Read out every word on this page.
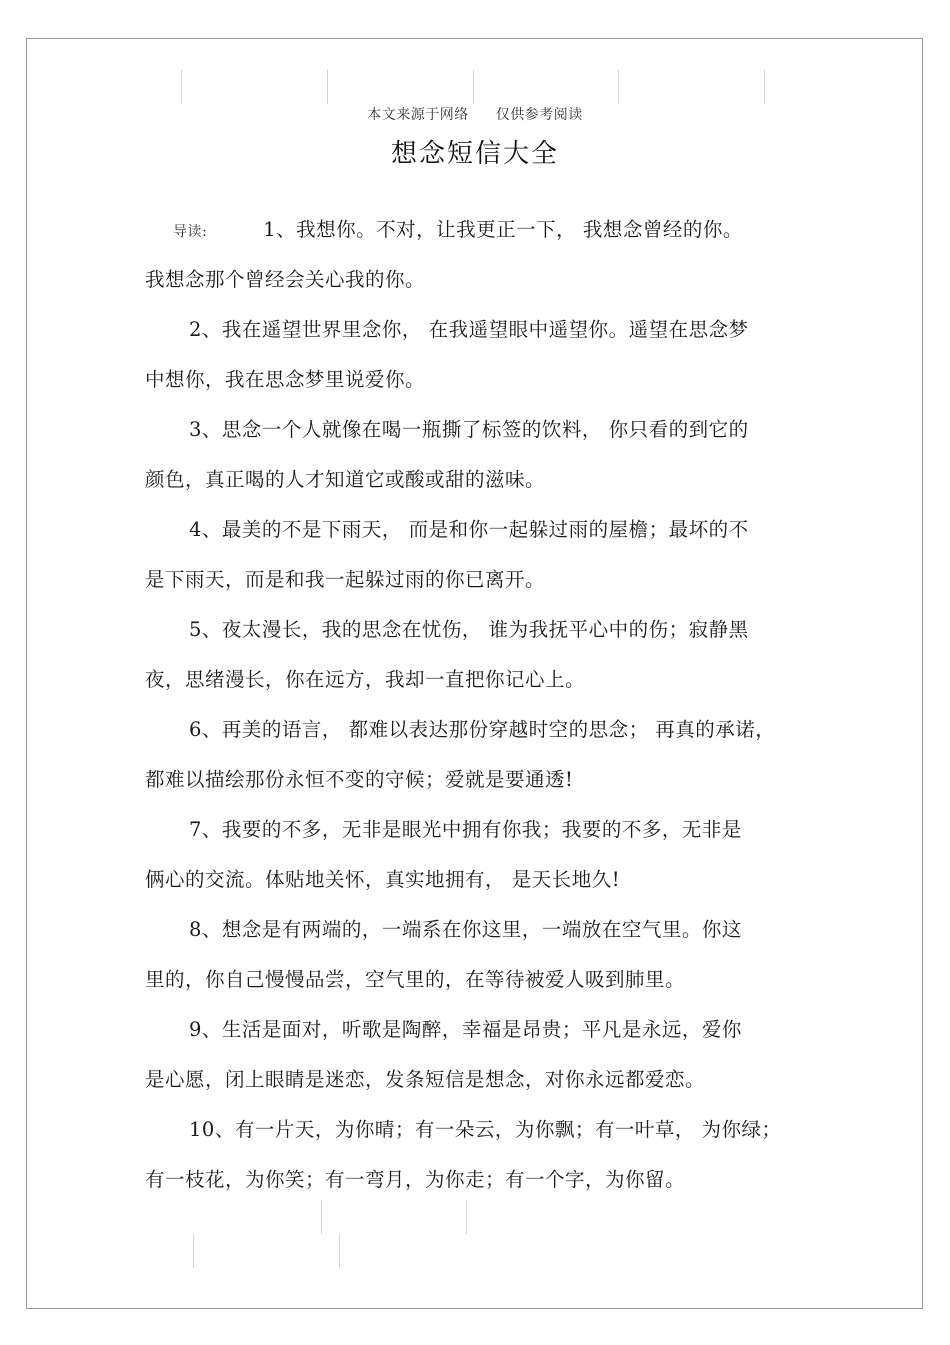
本文来源于网络 仅供参考阅读
想念短信大全
导读:	1、我想你。不对，让我更正一下， 我想念曾经的你。
我想念那个曾经会关心我的你。
2、我在遥望世界里念你， 在我遥望眼中遥望你。遥望在思念梦
中想你，我在思念梦里说爱你。
3、思念一个人就像在喝一瓶撕了标签的饮料， 你只看的到它的
颜色，真正喝的人才知道它或酸或甜的滋味。
4、最美的不是下雨天， 而是和你一起躲过雨的屋檐；最坏的不
是下雨天，而是和我一起躲过雨的你已离开。
5、夜太漫长，我的思念在忧伤， 谁为我抚平心中的伤；寂静黑
夜，思绪漫长，你在远方，我却一直把你记心上。
6、再美的语言， 都难以表达那份穿越时空的思念； 再真的承诺，
都难以描绘那份永恒不变的守候；爱就是要通透!
7、我要的不多，无非是眼光中拥有你我；我要的不多，无非是
俩心的交流。体贴地关怀，真实地拥有， 是天长地久!
8、想念是有两端的，一端系在你这里，一端放在空气里。你这
里的，你自己慢慢品尝，空气里的，在等待被爱人吸到肺里。
9、生活是面对，听歌是陶醉，幸福是昂贵；平凡是永远，爱你
是心愿，闭上眼睛是迷恋，发条短信是想念，对你永远都爱恋。
10、有一片天，为你晴；有一朵云，为你飘；有一叶草， 为你绿；
有一枝花，为你笑；有一弯月，为你走；有一个字，为你留。
